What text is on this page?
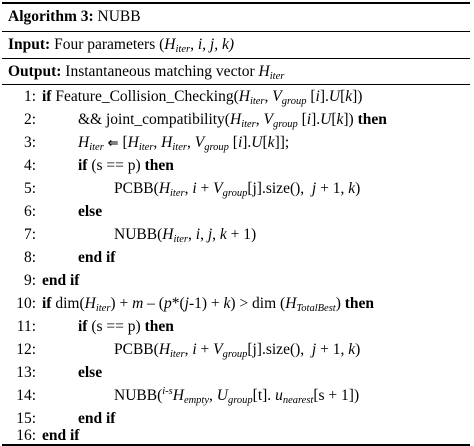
Algorithm 3: NUBB
Input: Four parameters ($H_{iter}$, i, j, k)
Output: Instantaneous matching vector $H_{iter}$
1: if $Feature\_Collision\_Checking(H_{iter}$, $V_{group}$ [i].U[k])
2:	&& $joint\_compatibility(H_{iter}$, $V_{group}$ [i].U[k]) then
3:	$H_{iter}$ ⇐ [$H_{iter}$, $H_{iter}$, $V_{group}$ [i].U[k]];
4:	if (s == p) then
5:	$PCBB(H_{iter}$, $i + V_{group}[j].size()$,  j + 1, k)
6:	else
7:	$NUBB(H_{iter}$, i, j, k + 1)
8:	end if
9: end if
10: if $dim(H_{iter}) + m - (p*(j-1) + k)$ > dim $(H_{TotalBest})$ then
11:	if (s == p) then
12:	$PCBB(H_{iter}$, $i + V_{group}[j].size()$,  j + 1, k)
13:	else
14:	$NUBB(^{i-s}H_{empty}$, $U_{group}[t]$. $u_{nearest}[s + 1]$)
15:	end if
16: end if
